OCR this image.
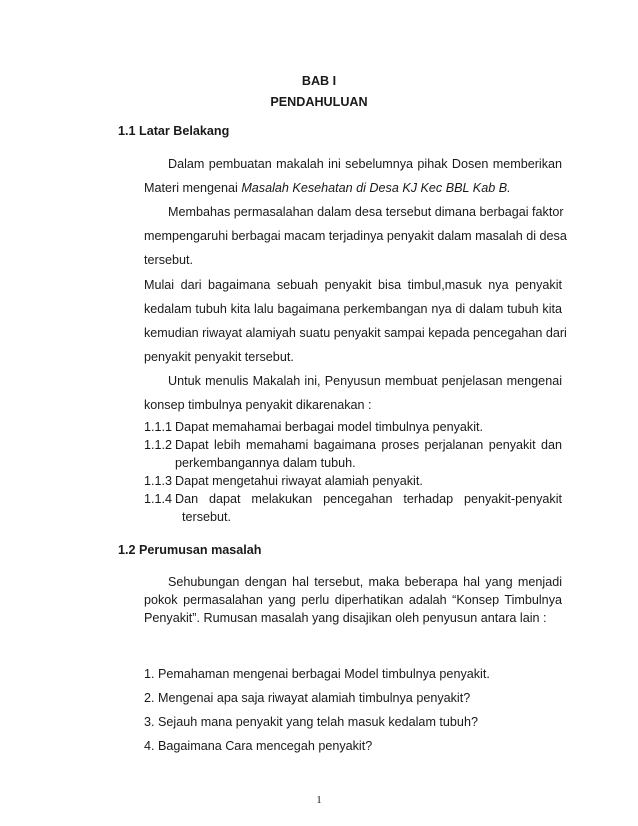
BAB I
PENDAHULUAN
1.1 Latar Belakang
Dalam pembuatan makalah ini sebelumnya pihak Dosen memberikan
Materi mengenai Masalah Kesehatan di Desa KJ Kec BBL Kab B.
Membahas permasalahan dalam desa tersebut dimana berbagai faktor
mempengaruhi berbagai macam terjadinya penyakit dalam masalah di desa
tersebut.
Mulai dari bagaimana sebuah penyakit bisa timbul,masuk nya penyakit
kedalam tubuh kita lalu bagaimana perkembangan nya di dalam tubuh kita
kemudian riwayat alamiyah suatu penyakit sampai kepada pencegahan dari
penyakit penyakit tersebut.
Untuk menulis Makalah ini, Penyusun membuat penjelasan mengenai
konsep timbulnya penyakit dikarenakan :
1.1.1 Dapat memahamai berbagai model timbulnya penyakit.
1.1.2 Dapat lebih memahami bagaimana proses perjalanan penyakit dan
perkembangannya dalam tubuh.
1.1.3 Dapat mengetahui riwayat alamiah penyakit.
1.1.4 Dan dapat melakukan pencegahan terhadap penyakit-penyakit
tersebut.
1.2 Perumusan masalah
Sehubungan dengan hal tersebut, maka beberapa hal yang menjadi
pokok permasalahan yang perlu diperhatikan adalah “Konsep Timbulnya
Penyakit”. Rumusan masalah yang disajikan oleh penyusun antara lain :
1. Pemahaman mengenai berbagai Model timbulnya penyakit.
2. Mengenai apa saja riwayat alamiah timbulnya penyakit?
3. Sejauh mana penyakit yang telah masuk kedalam tubuh?
4. Bagaimana Cara mencegah penyakit?
1
